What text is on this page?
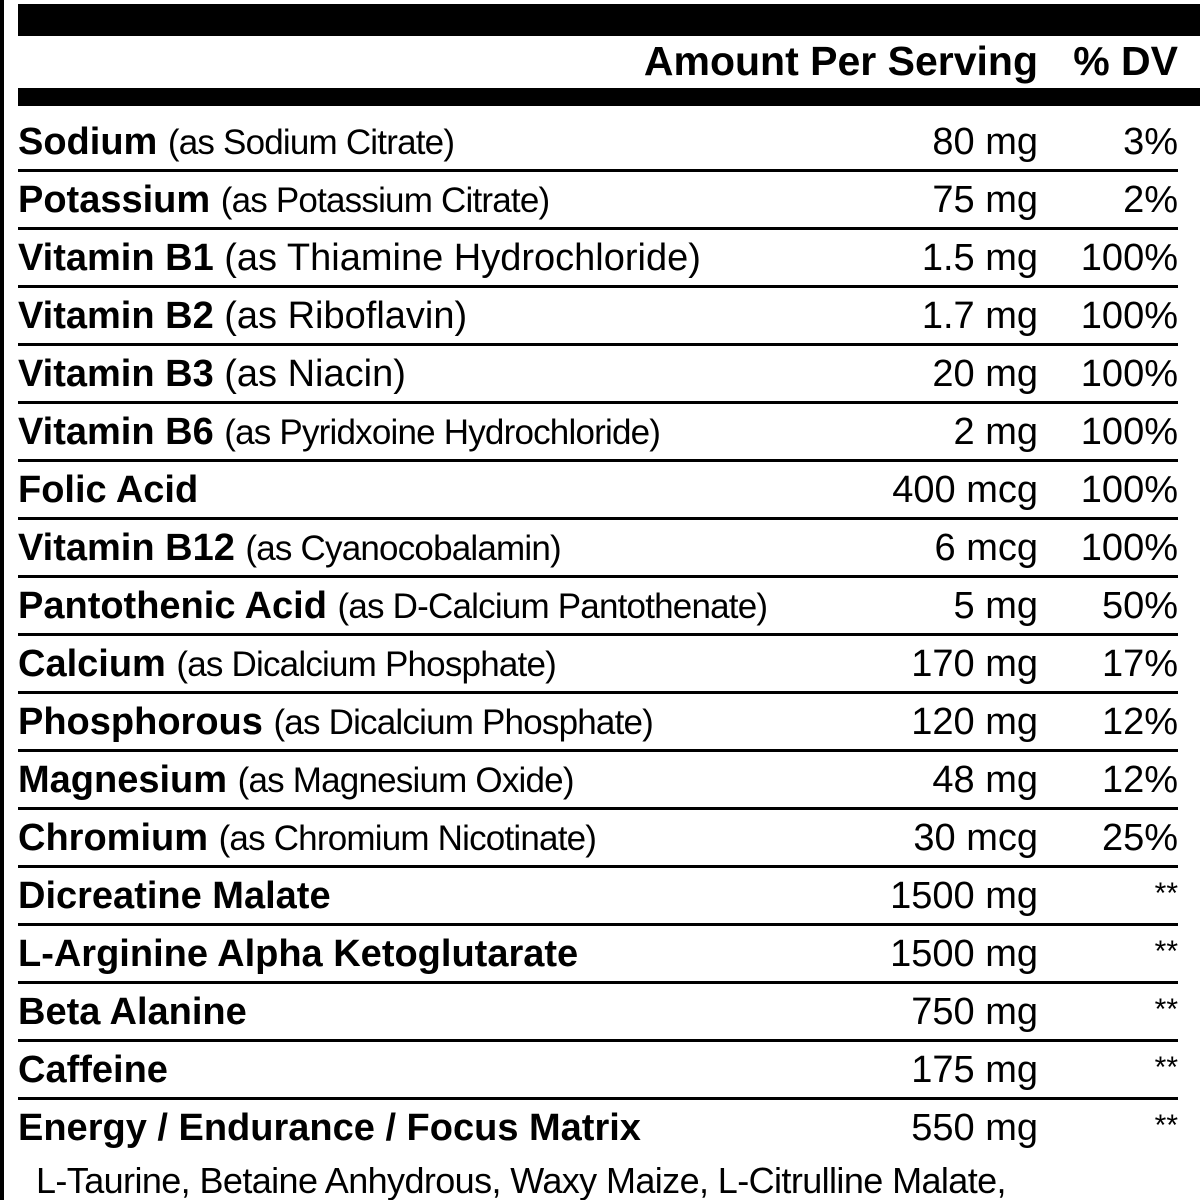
Amount Per Serving % DV
Sodium (as Sodium Citrate)	80 mg 3%
Potassium (as Potassium Citrate)	75 mg 2%
Vitamin B1 (as Thiamine Hydrochloride)	1.5 mg 100%
Vitamin B2 (as Riboflavin)	1.7 mg 100%
Vitamin B3 (as Niacin)	20 mg 100%
Vitamin B6 (as Pyridxoine Hydrochloride)	2 mg 100%
Folic Acid	400 mcg 100%
Vitamin B12 (as Cyanocobalamin)	6 mcg 100%
Pantothenic Acid (as D-Calcium Pantothenate)	5 mg 50%
Calcium (as Dicalcium Phosphate)	170 mg 17%
Phosphorous (as Dicalcium Phosphate)	120 mg 12%
Magnesium (as Magnesium Oxide)	48 mg 12%
Chromium (as Chromium Nicotinate)	30 mcg 25%
Dicreatine Malate	1500 mg	**
L-Arginine Alpha Ketoglutarate	1500 mg	**
Beta Alanine	750 mg	**
Caffeine	175 mg	**
Energy / Endurance / Focus Matrix	550 mg	**
L-Taurine, Betaine Anhydrous, Waxy Maize, L-Citrulline Malate,
